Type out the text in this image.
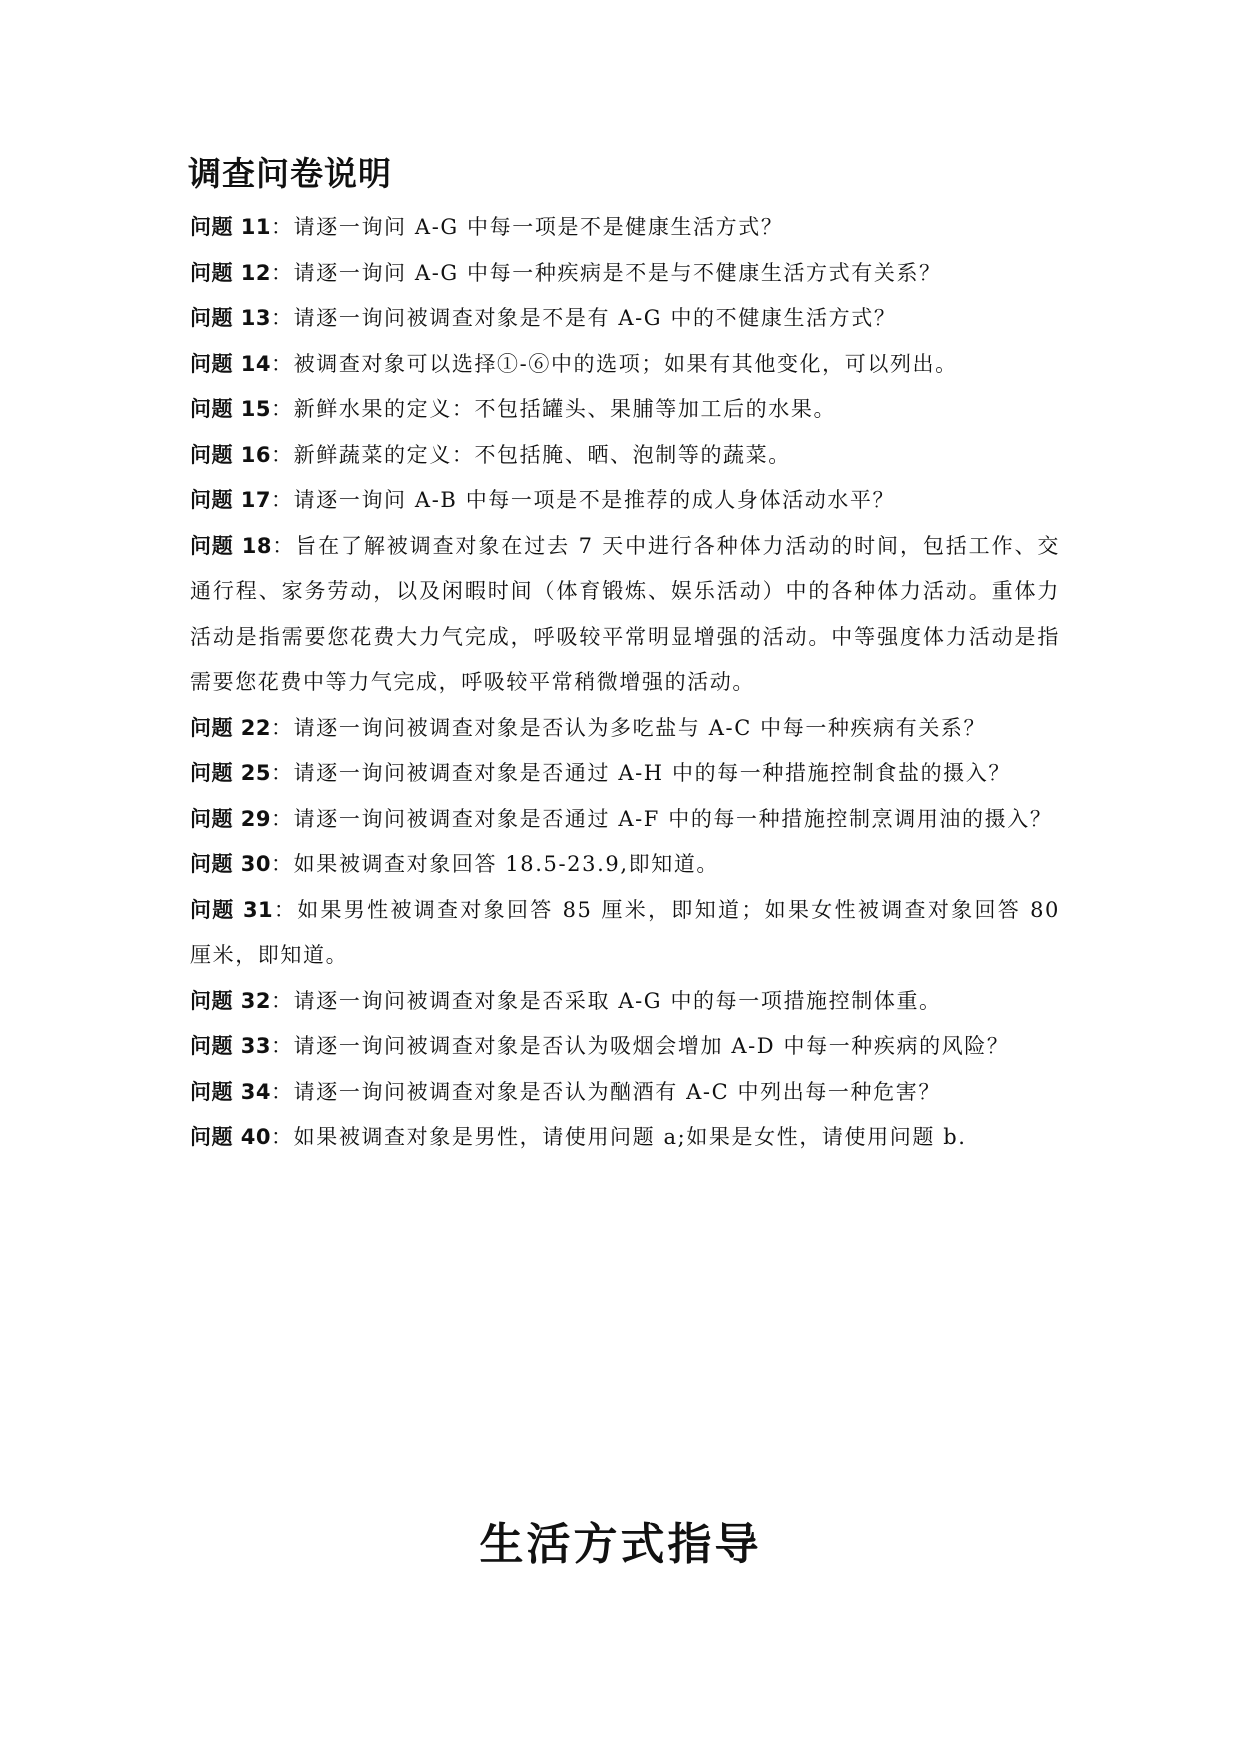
调查问卷说明
问题 11：请逐一询问 A-G 中每一项是不是健康生活方式？
问题 12：请逐一询问 A-G 中每一种疾病是不是与不健康生活方式有关系？
问题 13：请逐一询问被调查对象是不是有 A-G 中的不健康生活方式？
问题 14：被调查对象可以选择①-⑥中的选项；如果有其他变化，可以列出。
问题 15：新鲜水果的定义：不包括罐头、果脯等加工后的水果。
问题 16：新鲜蔬菜的定义：不包括腌、晒、泡制等的蔬菜。
问题 17：请逐一询问 A-B 中每一项是不是推荐的成人身体活动水平？
问题 18：旨在了解被调查对象在过去 7 天中进行各种体力活动的时间，包括工作、交通行程、家务劳动，以及闲暇时间（体育锻炼、娱乐活动）中的各种体力活动。重体力活动是指需要您花费大力气完成，呼吸较平常明显增强的活动。中等强度体力活动是指需要您花费中等力气完成，呼吸较平常稍微增强的活动。
问题 22：请逐一询问被调查对象是否认为多吃盐与 A-C 中每一种疾病有关系？
问题 25：请逐一询问被调查对象是否通过 A-H 中的每一种措施控制食盐的摄入？
问题 29：请逐一询问被调查对象是否通过 A-F 中的每一种措施控制烹调用油的摄入？
问题 30：如果被调查对象回答 18.5-23.9,即知道。
问题 31：如果男性被调查对象回答 85 厘米，即知道；如果女性被调查对象回答 80 厘米，即知道。
问题 32：请逐一询问被调查对象是否采取 A-G 中的每一项措施控制体重。
问题 33：请逐一询问被调查对象是否认为吸烟会增加 A-D 中每一种疾病的风险？
问题 34：请逐一询问被调查对象是否认为酗酒有 A-C 中列出每一种危害？
问题 40：如果被调查对象是男性，请使用问题 a;如果是女性，请使用问题 b.
生活方式指导
